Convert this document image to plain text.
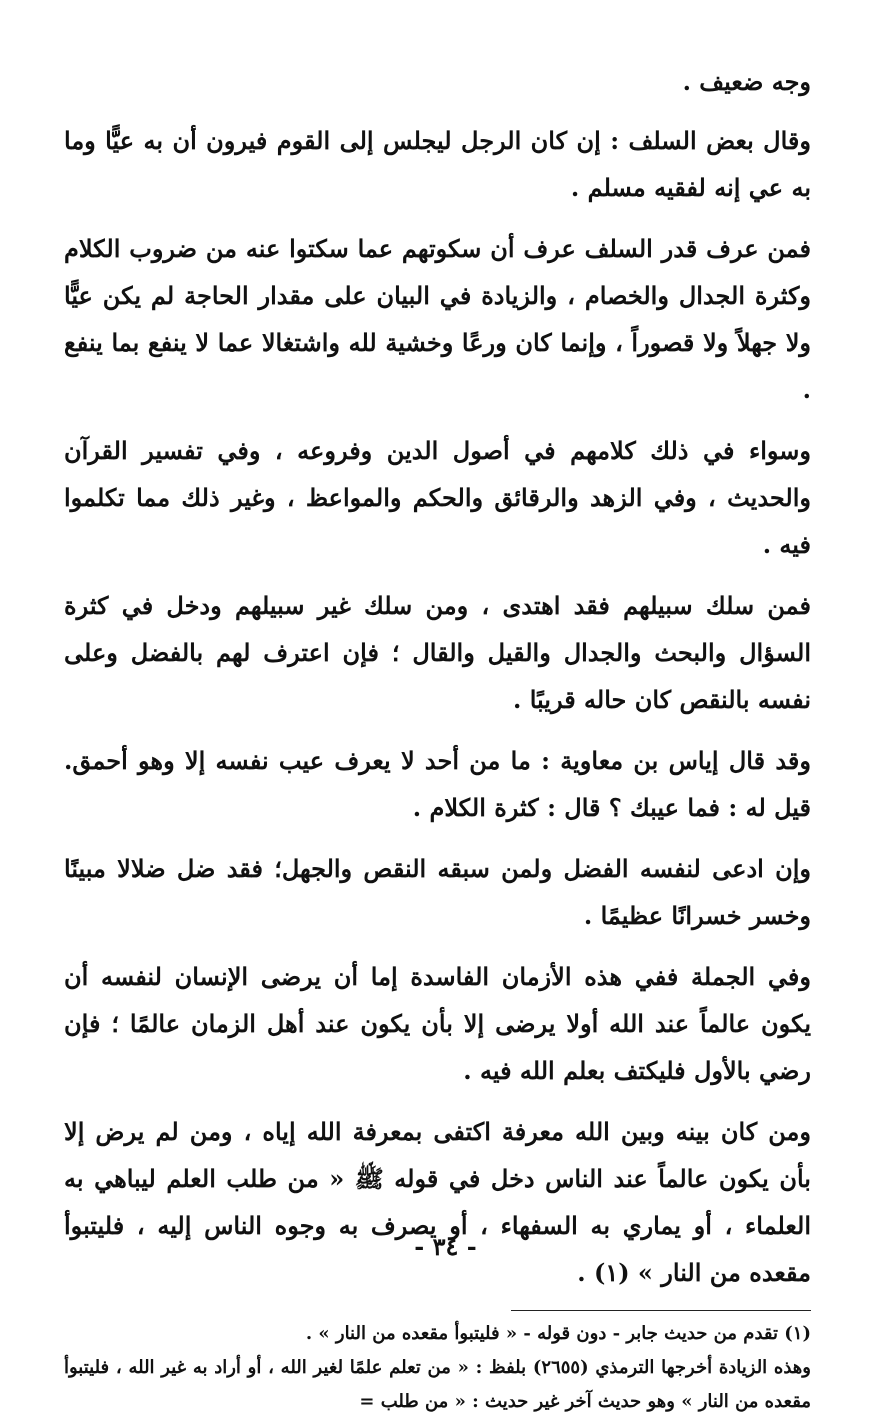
وجه ضعيف .

وقال بعض السلف : إن كان الرجل ليجلس إلى القوم فيرون أن به عيًّا وما به عي إنه لفقيه مسلم .

فمن عرف قدر السلف عرف أن سكوتهم عما سكتوا عنه من ضروب الكلام وكثرة الجدال والخصام ، والزيادة في البيان على مقدار الحاجة لم يكن عيًّا ولا جهلاً ولا قصوراً ، وإنما كان ورعًا وخشية لله واشتغالا عما لا ينفع بما ينفع .

وسواء في ذلك كلامهم في أصول الدين وفروعه ، وفي تفسير القرآن والحديث ، وفي الزهد والرقائق والحكم والمواعظ ، وغير ذلك مما تكلموا فيه .

فمن سلك سبيلهم فقد اهتدى ، ومن سلك غير سبيلهم ودخل في كثرة السؤال والبحث والجدال والقيل والقال ؛ فإن اعترف لهم بالفضل وعلى نفسه بالنقص كان حاله قريبًا .

وقد قال إياس بن معاوية : ما من أحد لا يعرف عيب نفسه إلا وهو أحمق. قيل له : فما عيبك ؟ قال : كثرة الكلام .

وإن ادعى لنفسه الفضل ولمن سبقه النقص والجهل؛ فقد ضل ضلالا مبينًا وخسر خسرانًا عظيمًا .

وفي الجملة ففي هذه الأزمان الفاسدة إما أن يرضى الإنسان لنفسه أن يكون عالماً عند الله أولا يرضى إلا بأن يكون عند أهل الزمان عالمًا ؛ فإن رضي بالأول فليكتف بعلم الله فيه .

ومن كان بينه وبين الله معرفة اكتفى بمعرفة الله إياه ، ومن لم يرض إلا بأن يكون عالماً عند الناس دخل في قوله ﷺ « من طلب العلم ليباهي به العلماء ، أو يماري به السفهاء ، أو يصرف به وجوه الناس إليه ، فليتبوأ مقعده من النار » (١) .

(١) تقدم من حديث جابر - دون قوله - « فليتبوأ مقعده من النار » .

وهذه الزيادة أخرجها الترمذي (٢٦٥٥) بلفظ : « من تعلم علمًا لغير الله ، أو أراد به غير الله ، فليتبوأ مقعده من النار » وهو حديث آخر غير حديث : « من طلب =

- ٣٤ -
